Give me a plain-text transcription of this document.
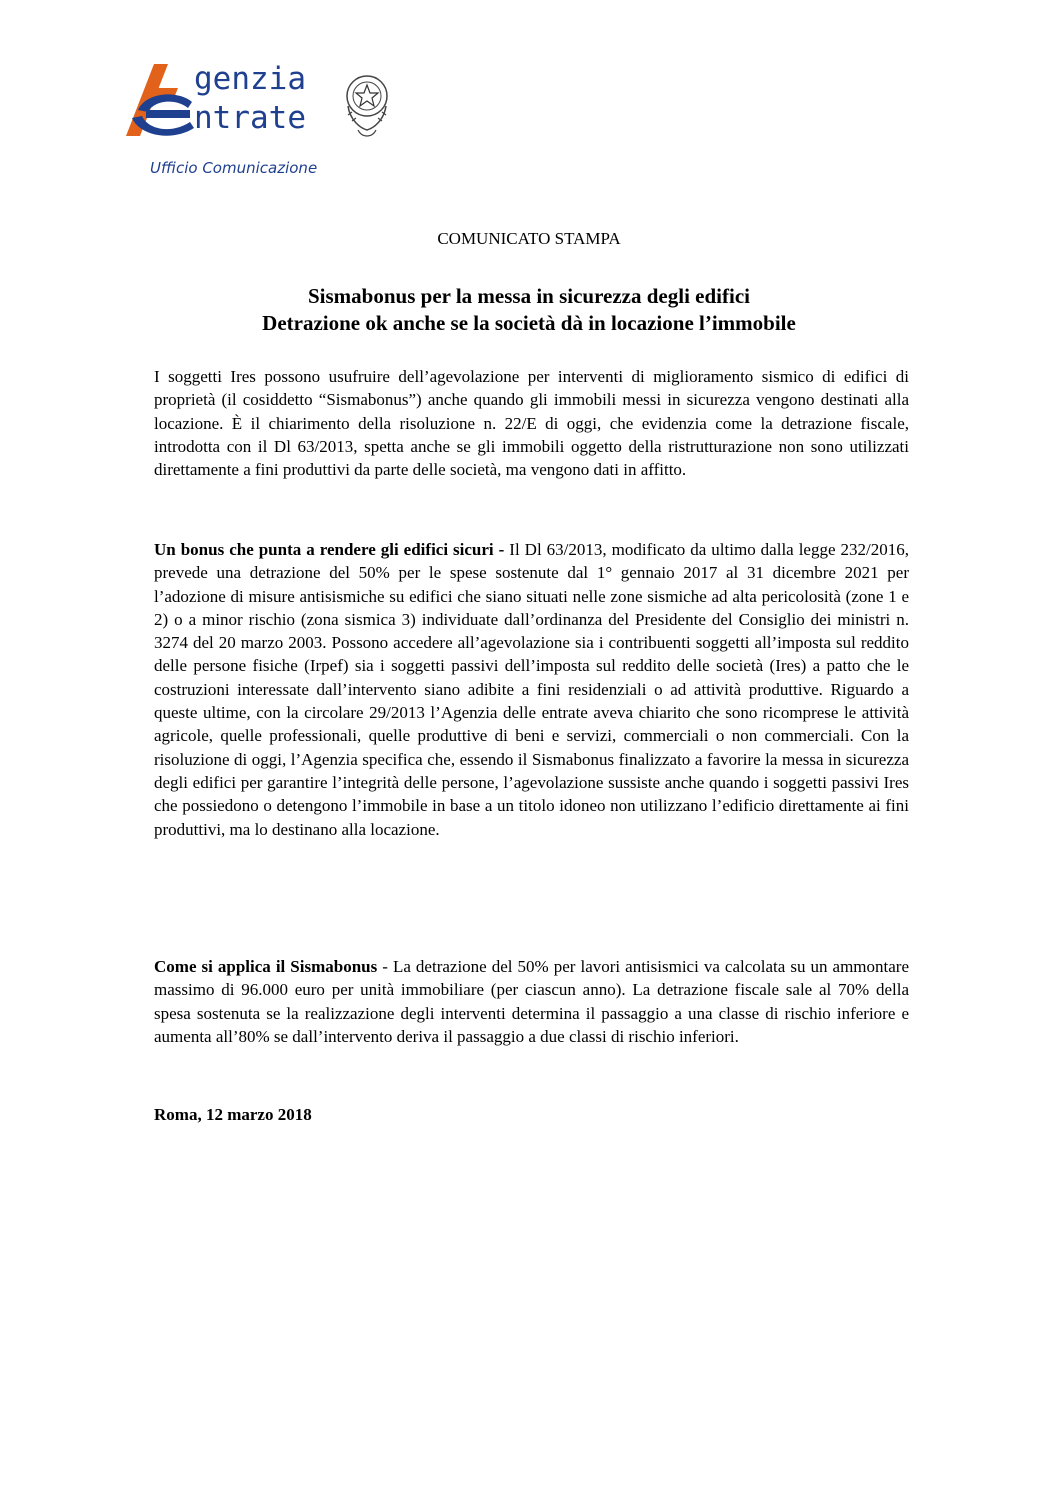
genzia
ntrate
Ufficio Comunicazione
COMUNICATO STAMPA
Sismabonus per la messa in sicurezza degli edifici
Detrazione ok anche se la società dà in locazione l’immobile

I soggetti Ires possono usufruire dell’agevolazione per interventi di miglioramento sismico di edifici di proprietà (il cosiddetto “Sismabonus”) anche quando gli immobili messi in sicurezza vengono destinati alla locazione. È il chiarimento della risoluzione n. 22/E di oggi, che evidenzia come la detrazione fiscale, introdotta con il Dl 63/2013, spetta anche se gli immobili oggetto della ristrutturazione non sono utilizzati direttamente a fini produttivi da parte delle società, ma vengono dati in affitto.

Un bonus che punta a rendere gli edifici sicuri - Il Dl 63/2013, modificato da ultimo dalla legge 232/2016, prevede una detrazione del 50% per le spese sostenute dal 1° gennaio 2017 al 31 dicembre 2021 per l’adozione di misure antisismiche su edifici che siano situati nelle zone sismiche ad alta pericolosità (zone 1 e 2) o a minor rischio (zona sismica 3) individuate dall’ordinanza del Presidente del Consiglio dei ministri n. 3274 del 20 marzo 2003. Possono accedere all’agevolazione sia i contribuenti soggetti all’imposta sul reddito delle persone fisiche (Irpef) sia i soggetti passivi dell’imposta sul reddito delle società (Ires) a patto che le costruzioni interessate dall’intervento siano adibite a fini residenziali o ad attività produttive. Riguardo a queste ultime, con la circolare 29/2013 l’Agenzia delle entrate aveva chiarito che sono ricomprese le attività agricole, quelle professionali, quelle produttive di beni e servizi, commerciali o non commerciali. Con la risoluzione di oggi, l’Agenzia specifica che, essendo il Sismabonus finalizzato a favorire la messa in sicurezza degli edifici per garantire l’integrità delle persone, l’agevolazione sussiste anche quando i soggetti passivi Ires che possiedono o detengono l’immobile in base a un titolo idoneo non utilizzano l’edificio direttamente ai fini produttivi, ma lo destinano alla locazione.

Come si applica il Sismabonus - La detrazione del 50% per lavori antisismici va calcolata su un ammontare massimo di 96.000 euro per unità immobiliare (per ciascun anno). La detrazione fiscale sale al 70% della spesa sostenuta se la realizzazione degli interventi determina il passaggio a una classe di rischio inferiore e aumenta all’80% se dall’intervento deriva il passaggio a due classi di rischio inferiori.

Roma, 12 marzo 2018
